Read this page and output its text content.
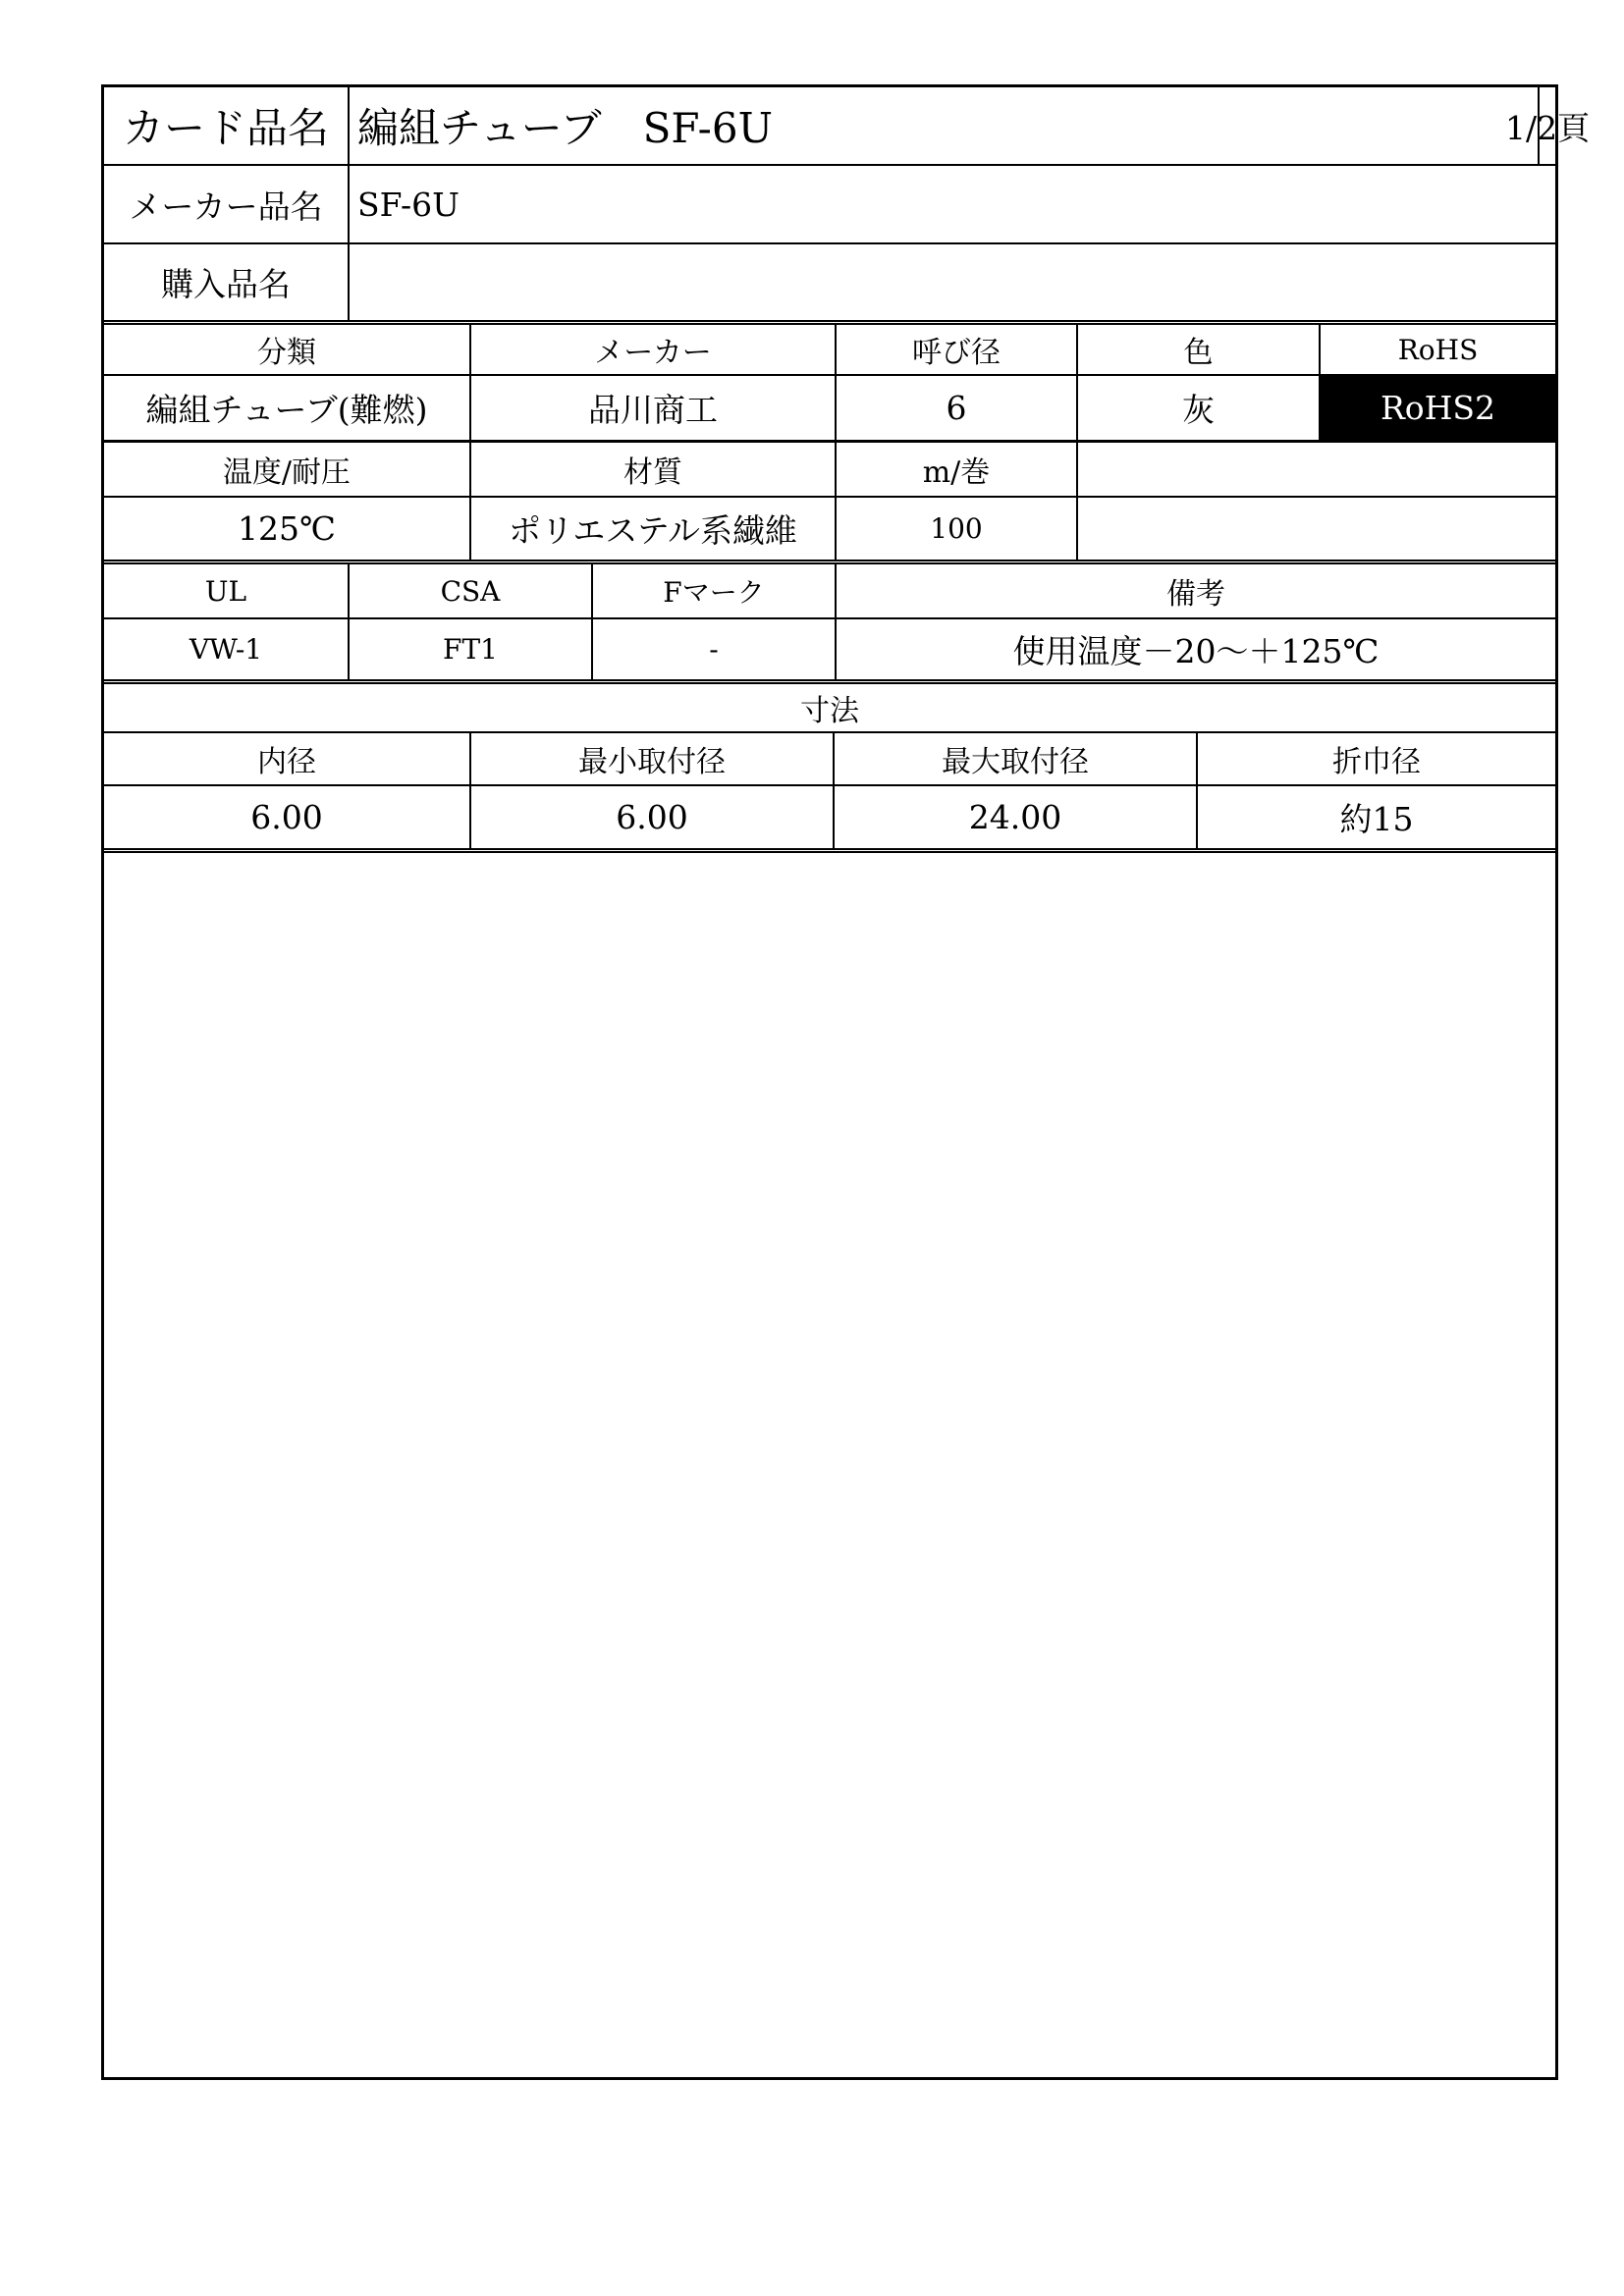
カード品名 編組チューブ　SF-6U	1/2頁
メーカー品名	SF-6U
購入品名
分類	メーカー	呼び径	色	RoHS
編組チューブ(難燃)	品川商工	6	灰	RoHS2
温度/耐圧	材質	m/巻
125℃	ポリエステル系繊維	100
UL	CSA	Fマーク	備考
VW-1	FT1	-	使用温度－20～＋125℃
寸法
内径	最小取付径	最大取付径	折巾径
6.00	6.00	24.00	約15
